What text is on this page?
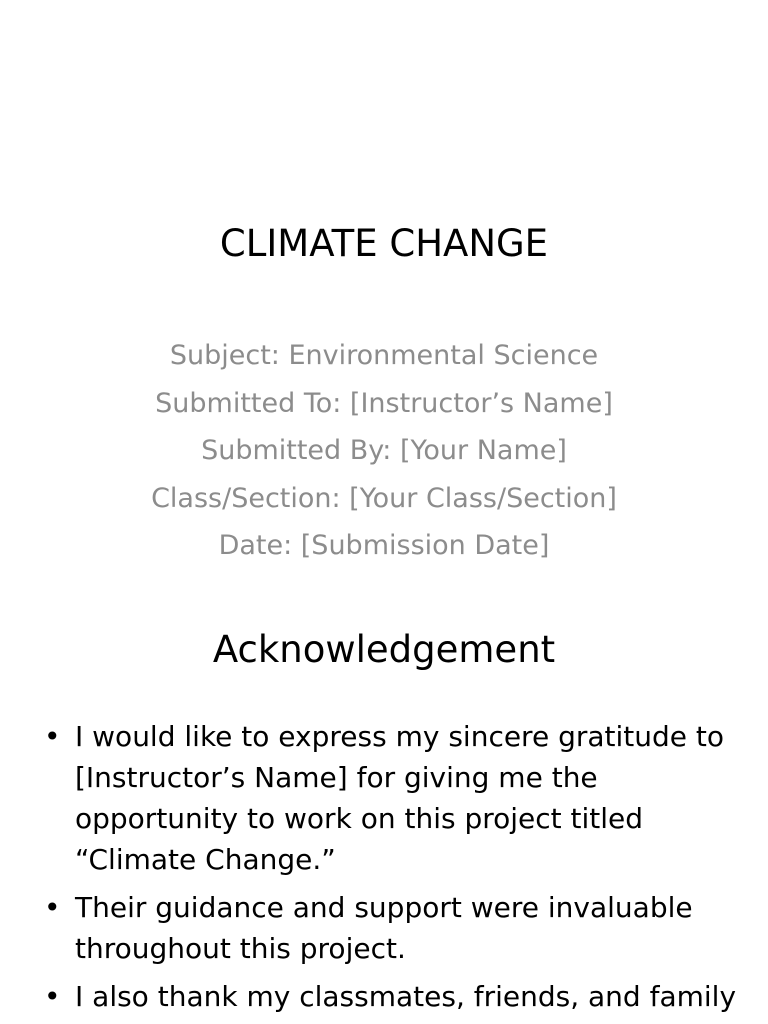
CLIMATE CHANGE
Subject: Environmental Science
Submitted To: [Instructor’s Name]
Submitted By: [Your Name]
Class/Section: [Your Class/Section]
Date: [Submission Date]
Acknowledgement
• I would like to express my sincere gratitude to [Instructor’s Name] for giving me the opportunity to work on this project titled “Climate Change.”
• Their guidance and support were invaluable throughout this project.
• I also thank my classmates, friends, and family
